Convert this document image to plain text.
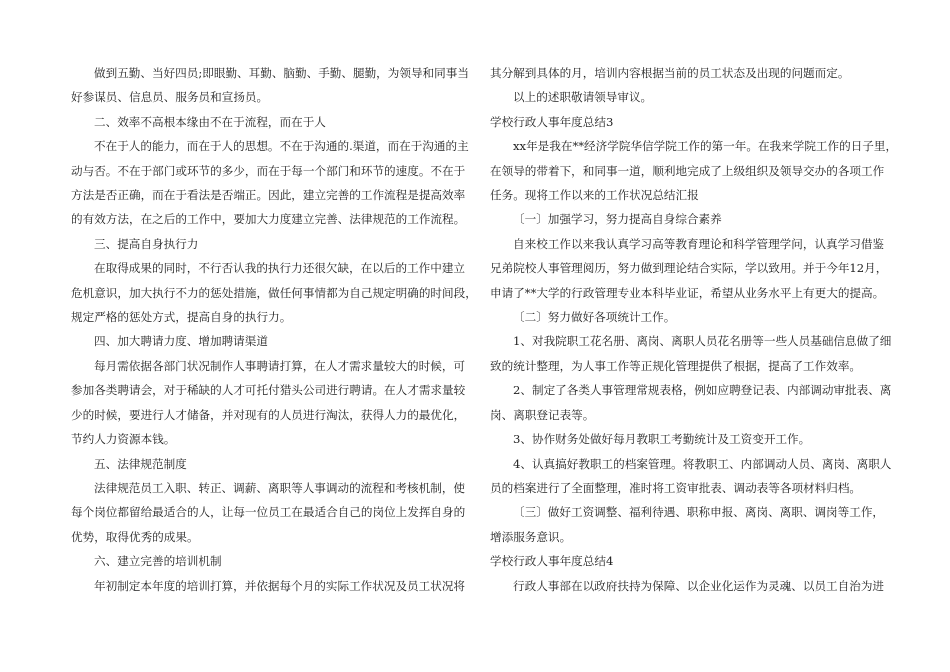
做到五勤、当好四员;即眼勤、耳勤、脑勤、手勤、腿勤，为领导和同事当

好参谋员、信息员、服务员和宣扬员。

二、效率不高根本缘由不在于流程，而在于人

不在于人的能力，而在于人的思想。不在于沟通的.渠道，而在于沟通的主

动与否。不在于部门或环节的多少，而在于每一个部门和环节的速度。不在于

方法是否正确，而在于看法是否端正。因此，建立完善的工作流程是提高效率

的有效方法，在之后的工作中，要加大力度建立完善、法律规范的工作流程。

三、提高自身执行力

在取得成果的同时，不行否认我的执行力还很欠缺，在以后的工作中建立

危机意识，加大执行不力的惩处措施，做任何事情都为自己规定明确的时间段，

规定严格的惩处方式，提高自身的执行力。

四、加大聘请力度、增加聘请渠道

每月需依据各部门状况制作人事聘请打算，在人才需求量较大的时候，可

参加各类聘请会，对于稀缺的人才可托付猎头公司进行聘请。在人才需求量较

少的时候，要进行人才储备，并对现有的人员进行淘汰，获得人力的最优化，

节约人力资源本钱。

五、法律规范制度

法律规范员工入职、转正、调薪、离职等人事调动的流程和考核机制，使

每个岗位都留给最适合的人，让每一位员工在最适合自己的岗位上发挥自身的

优势，取得优秀的成果。

六、建立完善的培训机制

年初制定本年度的培训打算，并依据每个月的实际工作状况及员工状况将

其分解到具体的月，培训内容根据当前的员工状态及出现的问题而定。

以上的述职敬请领导审议。

学校行政人事年度总结3

xx年是我在**经济学院华信学院工作的第一年。在我来学院工作的日子里，

在领导的带着下，和同事一道，顺利地完成了上级组织及领导交办的各项工作

任务。现将工作以来的工作状况总结汇报

〔一〕加强学习，努力提高自身综合素养

自来校工作以来我认真学习高等教育理论和科学管理学问，认真学习借鉴

兄弟院校人事管理阅历，努力做到理论结合实际，学以致用。并于今年12月，

申请了**大学的行政管理专业本科毕业证，希望从业务水平上有更大的提高。

〔二〕努力做好各项统计工作。

1、对我院职工花名册、离岗、离职人员花名册等一些人员基础信息做了细

致的统计整理，为人事工作等正规化管理提供了根据，提高了工作效率。

2、制定了各类人事管理常规表格，例如应聘登记表、内部调动审批表、离

岗、离职登记表等。

3、协作财务处做好每月教职工考勤统计及工资变开工作。

4、认真搞好教职工的档案管理。将教职工、内部调动人员、离岗、离职人

员的档案进行了全面整理，准时将工资审批表、调动表等各项材料归档。

〔三〕做好工资调整、福利待遇、职称申报、离岗、离职、调岗等工作，

增添服务意识。

学校行政人事年度总结4

行政人事部在以政府扶持为保障、以企业化运作为灵魂、以员工自治为进
